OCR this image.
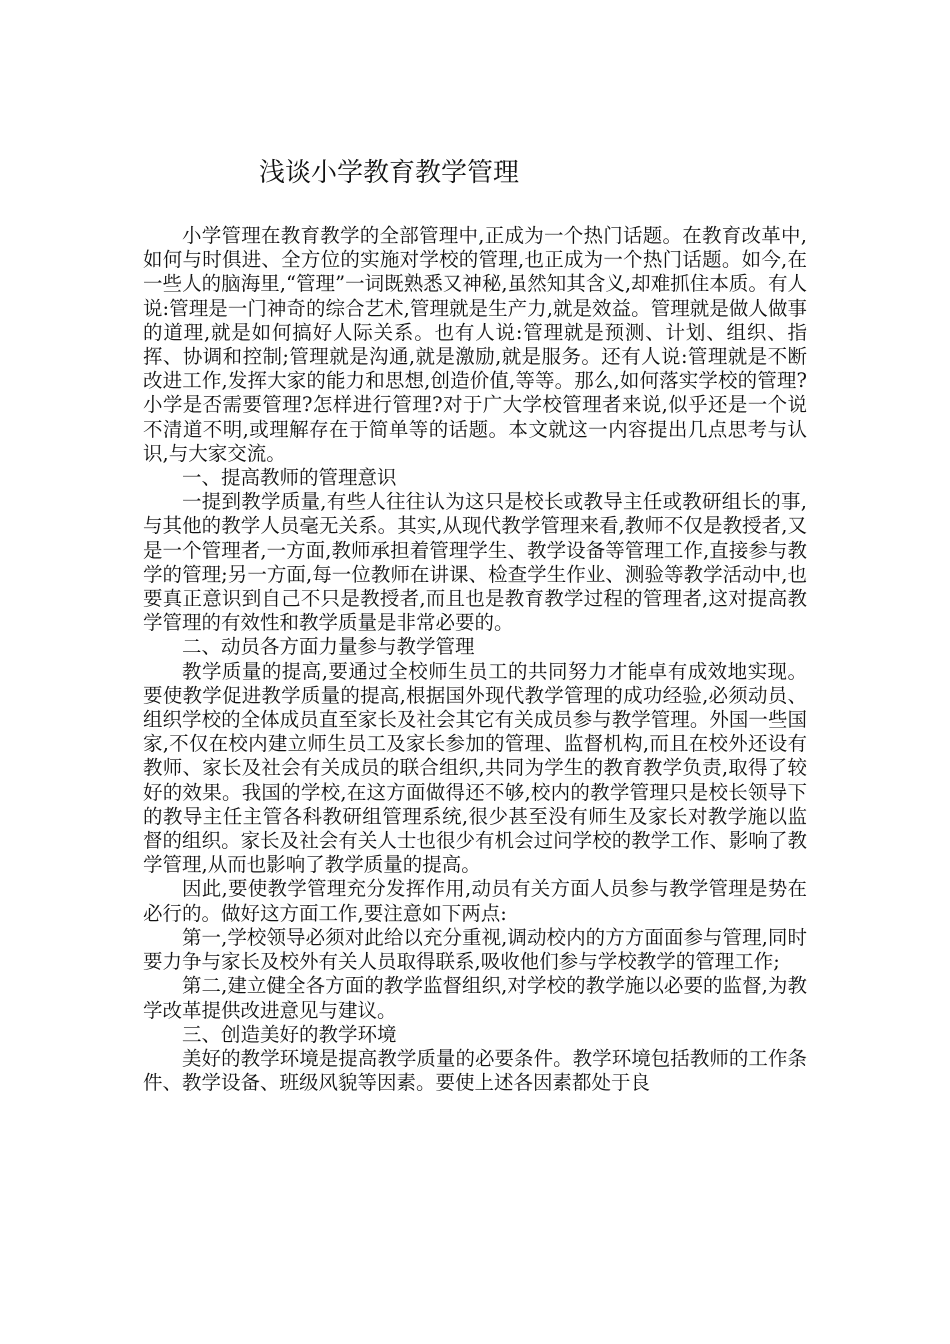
浅谈小学教育教学管理

小学管理在教育教学的全部管理中,正成为一个热门话题。在教育改革中,如何与时俱进、全方位的实施对学校的管理,也正成为一个热门话题。如今,在一些人的脑海里,“管理”一词既熟悉又神秘,虽然知其含义,却难抓住本质。有人说:管理是一门神奇的综合艺术,管理就是生产力,就是效益。管理就是做人做事的道理,就是如何搞好人际关系。也有人说:管理就是预测、计划、组织、指挥、协调和控制;管理就是沟通,就是激励,就是服务。还有人说:管理就是不断改进工作,发挥大家的能力和思想,创造价值,等等。那么,如何落实学校的管理?小学是否需要管理?怎样进行管理?对于广大学校管理者来说,似乎还是一个说不清道不明,或理解存在于简单等的话题。本文就这一内容提出几点思考与认识,与大家交流。

一、提高教师的管理意识

一提到教学质量,有些人往往认为这只是校长或教导主任或教研组长的事,与其他的教学人员毫无关系。其实,从现代教学管理来看,教师不仅是教授者,又是一个管理者,一方面,教师承担着管理学生、教学设备等管理工作,直接参与教学的管理;另一方面,每一位教师在讲课、检查学生作业、测验等教学活动中,也要真正意识到自己不只是教授者,而且也是教育教学过程的管理者,这对提高教学管理的有效性和教学质量是非常必要的。

二、动员各方面力量参与教学管理

教学质量的提高,要通过全校师生员工的共同努力才能卓有成效地实现。要使教学促进教学质量的提高,根据国外现代教学管理的成功经验,必须动员、组织学校的全体成员直至家长及社会其它有关成员参与教学管理。外国一些国家,不仅在校内建立师生员工及家长参加的管理、监督机构,而且在校外还设有教师、家长及社会有关成员的联合组织,共同为学生的教育教学负责,取得了较好的效果。我国的学校,在这方面做得还不够,校内的教学管理只是校长领导下的教导主任主管各科教研组管理系统,很少甚至没有师生及家长对教学施以监督的组织。家长及社会有关人士也很少有机会过问学校的教学工作、影响了教学管理,从而也影响了教学质量的提高。

因此,要使教学管理充分发挥作用,动员有关方面人员参与教学管理是势在必行的。做好这方面工作,要注意如下两点:

第一,学校领导必须对此给以充分重视,调动校内的方方面面参与管理,同时要力争与家长及校外有关人员取得联系,吸收他们参与学校教学的管理工作;

第二,建立健全各方面的教学监督组织,对学校的教学施以必要的监督,为教学改革提供改进意见与建议。

三、创造美好的教学环境

美好的教学环境是提高教学质量的必要条件。教学环境包括教师的工作条件、教学设备、班级风貌等因素。要使上述各因素都处于良
